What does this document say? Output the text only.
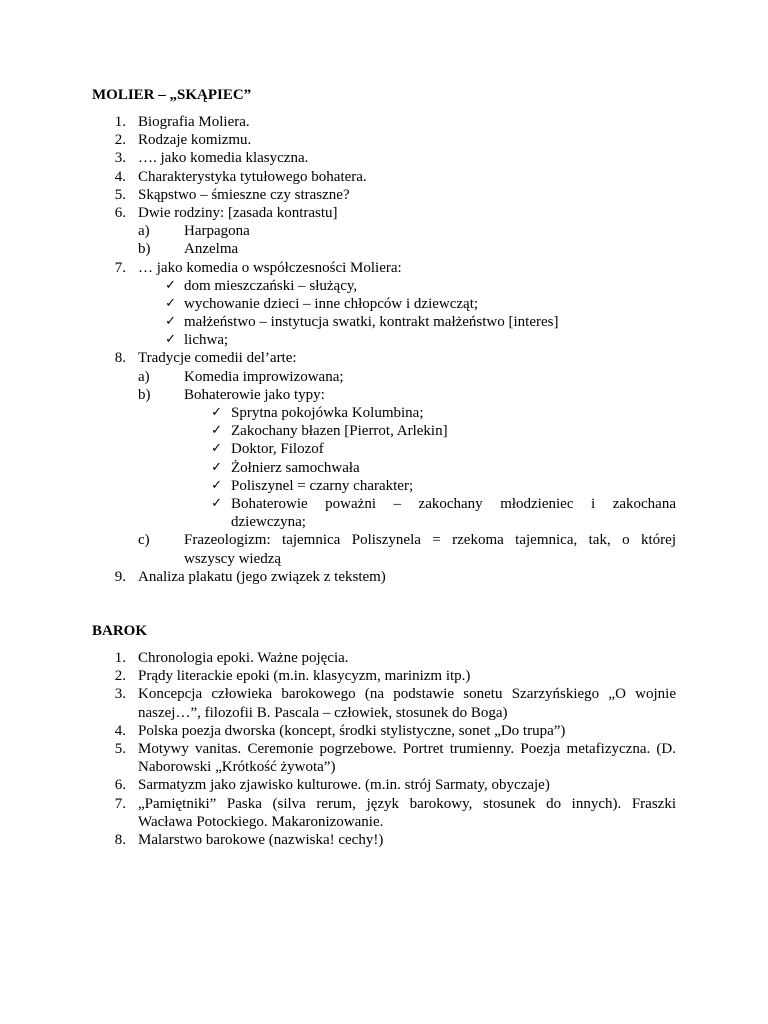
MOLIER – „SKĄPIEC”
1. Biografia Moliera.
2. Rodzaje komizmu.
3. …. jako komedia klasyczna.
4. Charakterystyka tytułowego bohatera.
5. Skąpstwo – śmieszne czy straszne?
6. Dwie rodziny: [zasada kontrastu]
a)	Harpagona
b)	Anzelma
7. … jako komedia o współczesności Moliera:
✓ dom mieszczański – służący,
✓ wychowanie dzieci – inne chłopców i dziewcząt;
✓ małżeństwo – instytucja swatki, kontrakt małżeństwo [interes]
✓ lichwa;
8. Tradycje comedii del’arte:
a)	Komedia improwizowana;
b)	Bohaterowie jako typy:
✓ Sprytna pokojówka Kolumbina;
✓ Zakochany błazen [Pierrot, Arlekin]
✓ Doktor, Filozof
✓ Żołnierz samochwała
✓ Poliszynel = czarny charakter;
✓ Bohaterowie poważni – zakochany młodzieniec i zakochana
dziewczyna;
c)	Frazeologizm: tajemnica Poliszynela = rzekoma tajemnica, tak, o której
wszyscy wiedzą
9. Analiza plakatu (jego związek z tekstem)
BAROK
1. Chronologia epoki. Ważne pojęcia.
2. Prądy literackie epoki (m.in. klasycyzm, marinizm itp.)
3. Koncepcja człowieka barokowego (na podstawie sonetu Szarzyńskiego „O wojnie
naszej…”, filozofii B. Pascala – człowiek, stosunek do Boga)
4. Polska poezja dworska (koncept, środki stylistyczne, sonet „Do trupa”)
5. Motywy vanitas. Ceremonie pogrzebowe. Portret trumienny. Poezja metafizyczna. (D.
Naborowski „Krótkość żywota”)
6. Sarmatyzm jako zjawisko kulturowe. (m.in. strój Sarmaty, obyczaje)
7. „Pamiętniki” Paska (silva rerum, język barokowy, stosunek do innych). Fraszki
Wacława Potockiego. Makaronizowanie.
8. Malarstwo barokowe (nazwiska! cechy!)
